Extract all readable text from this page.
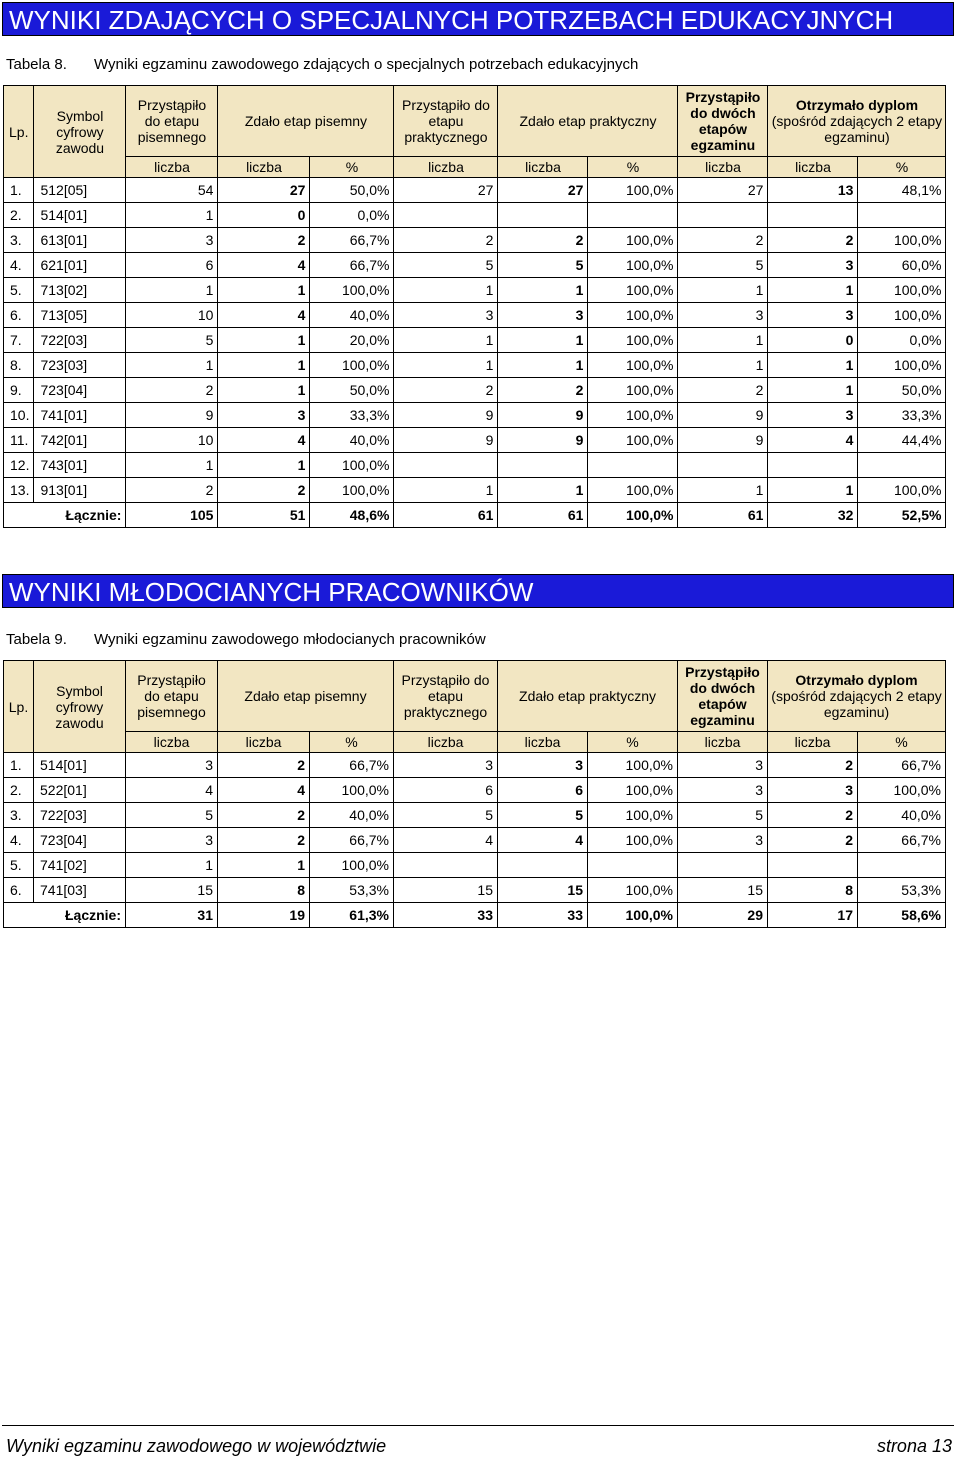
WYNIKI ZDAJĄCYCH O SPECJALNYCH POTRZEBACH EDUKACYJNYCH
Tabela 8. Wyniki egzaminu zawodowego zdających o specjalnych potrzebach edukacyjnych
Lp.	Symbol cyfrowy zawodu	Przystąpiło do etapu pisemnego	Zdało etap pisemny		Przystąpiło do etapu praktycznego	Zdało etap praktyczny		Przystąpiło do dwóch etapów egzaminu	Otrzymało dyplom
(spośród zdających 2 etapy egzaminu)	

		liczba	liczba	%	liczba	liczba	%	liczba	liczba	%
1.	512[05]	54	27	50,0%	27	27	100,0%	27	13	48,1%
2.	514[01]	1	0	0,0%						
3.	613[01]	3	2	66,7%	2	2	100,0%	2	2	100,0%
4.	621[01]	6	4	66,7%	5	5	100,0%	5	3	60,0%
5.	713[02]	1	1	100,0%	1	1	100,0%	1	1	100,0%
6.	713[05]	10	4	40,0%	3	3	100,0%	3	3	100,0%
7.	722[03]	5	1	20,0%	1	1	100,0%	1	0	0,0%
8.	723[03]	1	1	100,0%	1	1	100,0%	1	1	100,0%
9.	723[04]	2	1	50,0%	2	2	100,0%	2	1	50,0%
10.	741[01]	9	3	33,3%	9	9	100,0%	9	3	33,3%
11.	742[01]	10	4	40,0%	9	9	100,0%	9	4	44,4%
12.	743[01]	1	1	100,0%						
13.	913[01]	2	2	100,0%	1	1	100,0%	1	1	100,0%
Łącznie:		105	51	48,6%	61	61	100,0%	61	32	52,5%
WYNIKI MŁODOCIANYCH PRACOWNIKÓW
Tabela 9. Wyniki egzaminu zawodowego młodocianych pracowników
Lp.	Symbol cyfrowy zawodu	Przystąpiło do etapu pisemnego	Zdało etap pisemny		Przystąpiło do etapu praktycznego	Zdało etap praktyczny		Przystąpiło do dwóch etapów egzaminu	Otrzymało dyplom
(spośród zdających 2 etapy egzaminu)	

		liczba	liczba	%	liczba	liczba	%	liczba	liczba	%
1.	514[01]	3	2	66,7%	3	3	100,0%	3	2	66,7%
2.	522[01]	4	4	100,0%	6	6	100,0%	3	3	100,0%
3.	722[03]	5	2	40,0%	5	5	100,0%	5	2	40,0%
4.	723[04]	3	2	66,7%	4	4	100,0%	3	2	66,7%
5.	741[02]	1	1	100,0%						
6.	741[03]	15	8	53,3%	15	15	100,0%	15	8	53,3%
Łącznie:		31	19	61,3%	33	33	100,0%	29	17	58,6%
Wyniki egzaminu zawodowego w województwie	strona 13
